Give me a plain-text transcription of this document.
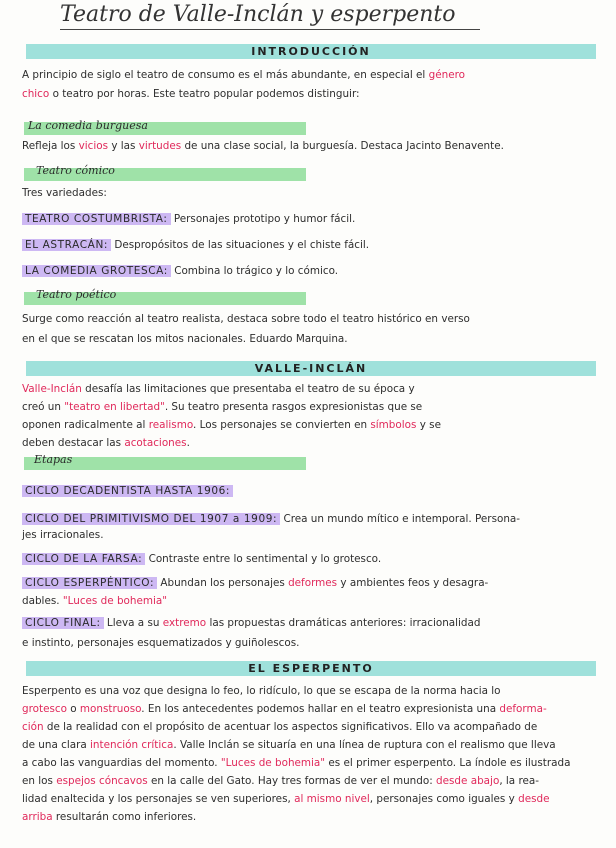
Teatro de Valle-Inclán y esperpento
INTRODUCCIÓN
A principio de siglo el teatro de consumo es el más abundante, en especial el género
chico o teatro por horas. Este teatro popular podemos distinguir:
La comedia burguesa
Refleja los vicios y las virtudes de una clase social, la burguesía. Destaca Jacinto Benavente.
Teatro cómico
Tres variedades:
TEATRO COSTUMBRISTA: Personajes prototipo y humor fácil.
EL ASTRACÁN: Despropósitos de las situaciones y el chiste fácil.
LA COMEDIA GROTESCA: Combina lo trágico y lo cómico.
Teatro poético
Surge como reacción al teatro realista, destaca sobre todo el teatro histórico en verso
en el que se rescatan los mitos nacionales. Eduardo Marquina.
VALLE-INCLÁN
Valle-Inclán desafía las limitaciones que presentaba el teatro de su época y
creó un "teatro en libertad". Su teatro presenta rasgos expresionistas que se
oponen radicalmente al realismo. Los personajes se convierten en símbolos y se
deben destacar las acotaciones.
Etapas
CICLO DECADENTISTA HASTA 1906:
CICLO DEL PRIMITIVISMO DEL 1907 a 1909: Crea un mundo mítico e intemporal. Persona-
jes irracionales.
CICLO DE LA FARSA: Contraste entre lo sentimental y lo grotesco.
CICLO ESPERPÉNTICO: Abundan los personajes deformes y ambientes feos y desagra-
dables. "Luces de bohemia"
CICLO FINAL: Lleva a su extremo las propuestas dramáticas anteriores: irracionalidad
e instinto, personajes esquematizados y guiñolescos.
EL ESPERPENTO
Esperpento es una voz que designa lo feo, lo ridículo, lo que se escapa de la norma hacia lo
grotesco o monstruoso. En los antecedentes podemos hallar en el teatro expresionista una deforma-
ción de la realidad con el propósito de acentuar los aspectos significativos. Ello va acompañado de
de una clara intención crítica. Valle Inclán se situaría en una línea de ruptura con el realismo que lleva
a cabo las vanguardias del momento. "Luces de bohemia" es el primer esperpento. La índole es ilustrada
en los espejos cóncavos en la calle del Gato. Hay tres formas de ver el mundo: desde abajo, la rea-
lidad enaltecida y los personajes se ven superiores, al mismo nivel, personajes como iguales y desde
arriba resultarán como inferiores.
